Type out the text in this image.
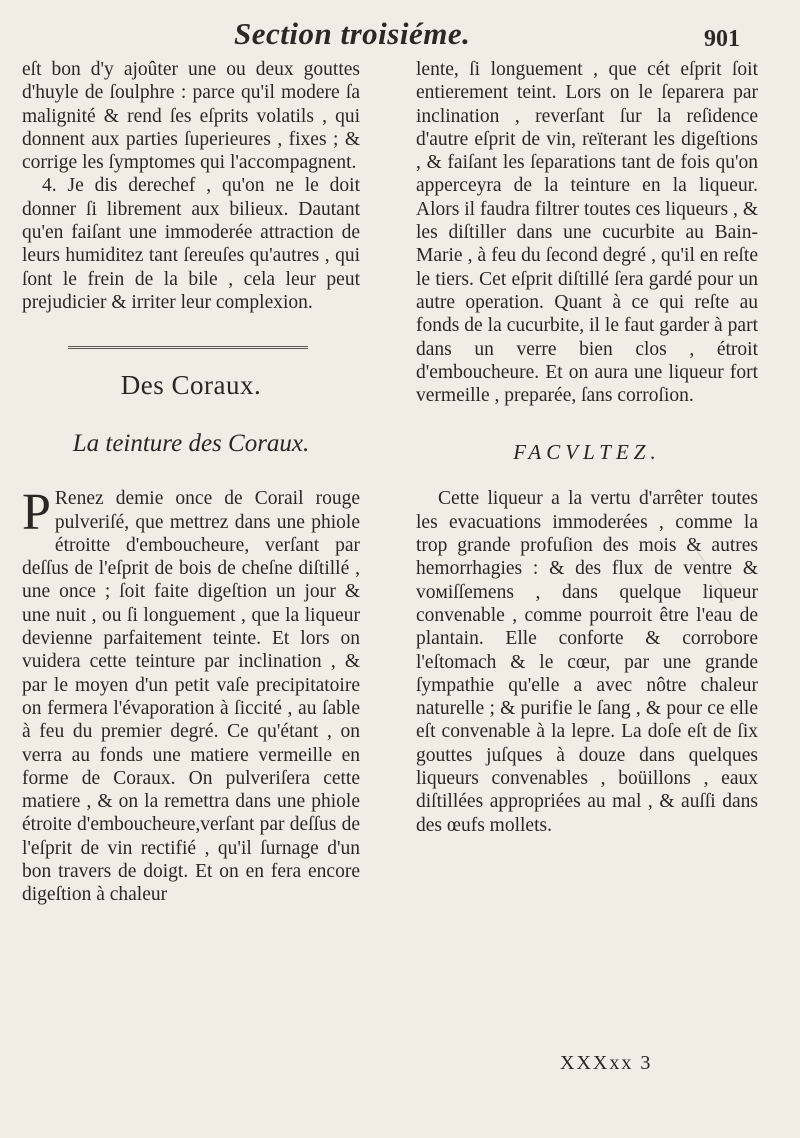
Section troisiéme.	901

eſt bon d'y ajoûter une ou deux gouttes d'huyle de ſoulphre : parce qu'il modere ſa malignité & rend ſes eſprits volatils , qui donnent aux parties ſuperieures , fixes ; & corrige les ſymptomes qui l'accompagnent.

4. Je dis derechef , qu'on ne le doit donner ſi librement aux bilieux. Dautant qu'en faiſant une immoderée attraction de leurs humiditez tant ſereuſes qu'autres , qui ſont le frein de la bile , cela leur peut prejudicier & irriter leur complexion.

Des Coraux.
La teinture des Coraux.

P Renez demie once de Corail rouge pulveriſé, que mettrez dans une phiole étroitte d'embouchеure, verſant par deſſus de l'eſprit de bois de cheſne diſtillé , une once ; ſoit faite digeſtion un jour & une nuit , ou ſi longuement , que la liqueur devienne parfaitement teinte. Et lors on vuidera cette teinture par inclination , & par le moyen d'un petit vaſe precipitatoire on fermera l'évaporation à ſiccité , au ſable à feu du premier degré. Ce qu'étant , on verra au fonds une matiere vermeille en forme de Coraux. On pulveriſera cette matiere , & on la remettra dans une phiole étroite d'emboucheure,verſant par deſſus de l'eſprit de vin rectifié , qu'il ſurnage d'un bon travers de doigt. Et on en fera encore digeſtion à chaleur

lente, ſi longuement , que cét eſprit ſoit entierement teint. Lors on le ſeparera par inclination , reverſant ſur la reſidence d'autre eſprit de vin, reïterant les digeſtions , & faiſant les ſeparations tant de fois qu'on apperceyra de la teinture en la liqueur. Alors il faudra filtrer toutes ces liqueurs , & les diſtiller dans une cucurbite au Bain-Marie , à feu du ſecond degré , qu'il en reſte le tiers. Cet eſprit diſtillé ſera gardé pour un autre operation. Quant à ce qui reſte au fonds de la cucurbite, il le faut garder à part dans un verre bien clos , étroit d'emboucheure. Et on aura une liqueur fort vermeille , preparée, ſans corroſion.

FACVLTEZ.

Cette liqueur a la vertu d'arrêter toutes les evacuations immoderées , comme la trop grande profuſion des mois & autres hemorrhagies : & des flux de ventre & voмiſſemens , dans quelque liqueur convenable , comme pourroit être l'eau de plantain. Elle conforte & corrobore l'eſtomach & le cœur, par une grande ſympathie qu'elle a avec nôtre chaleur naturelle ; & purifie le ſang , & pour ce elle eſt convenable à la lepre. La doſe eſt de ſix gouttes juſques à douze dans quelques liqueurs convenables , boüillons , eaux diſtillées appropriées au mal , & auſſi dans des œufs mollets.

XXXxx 3
